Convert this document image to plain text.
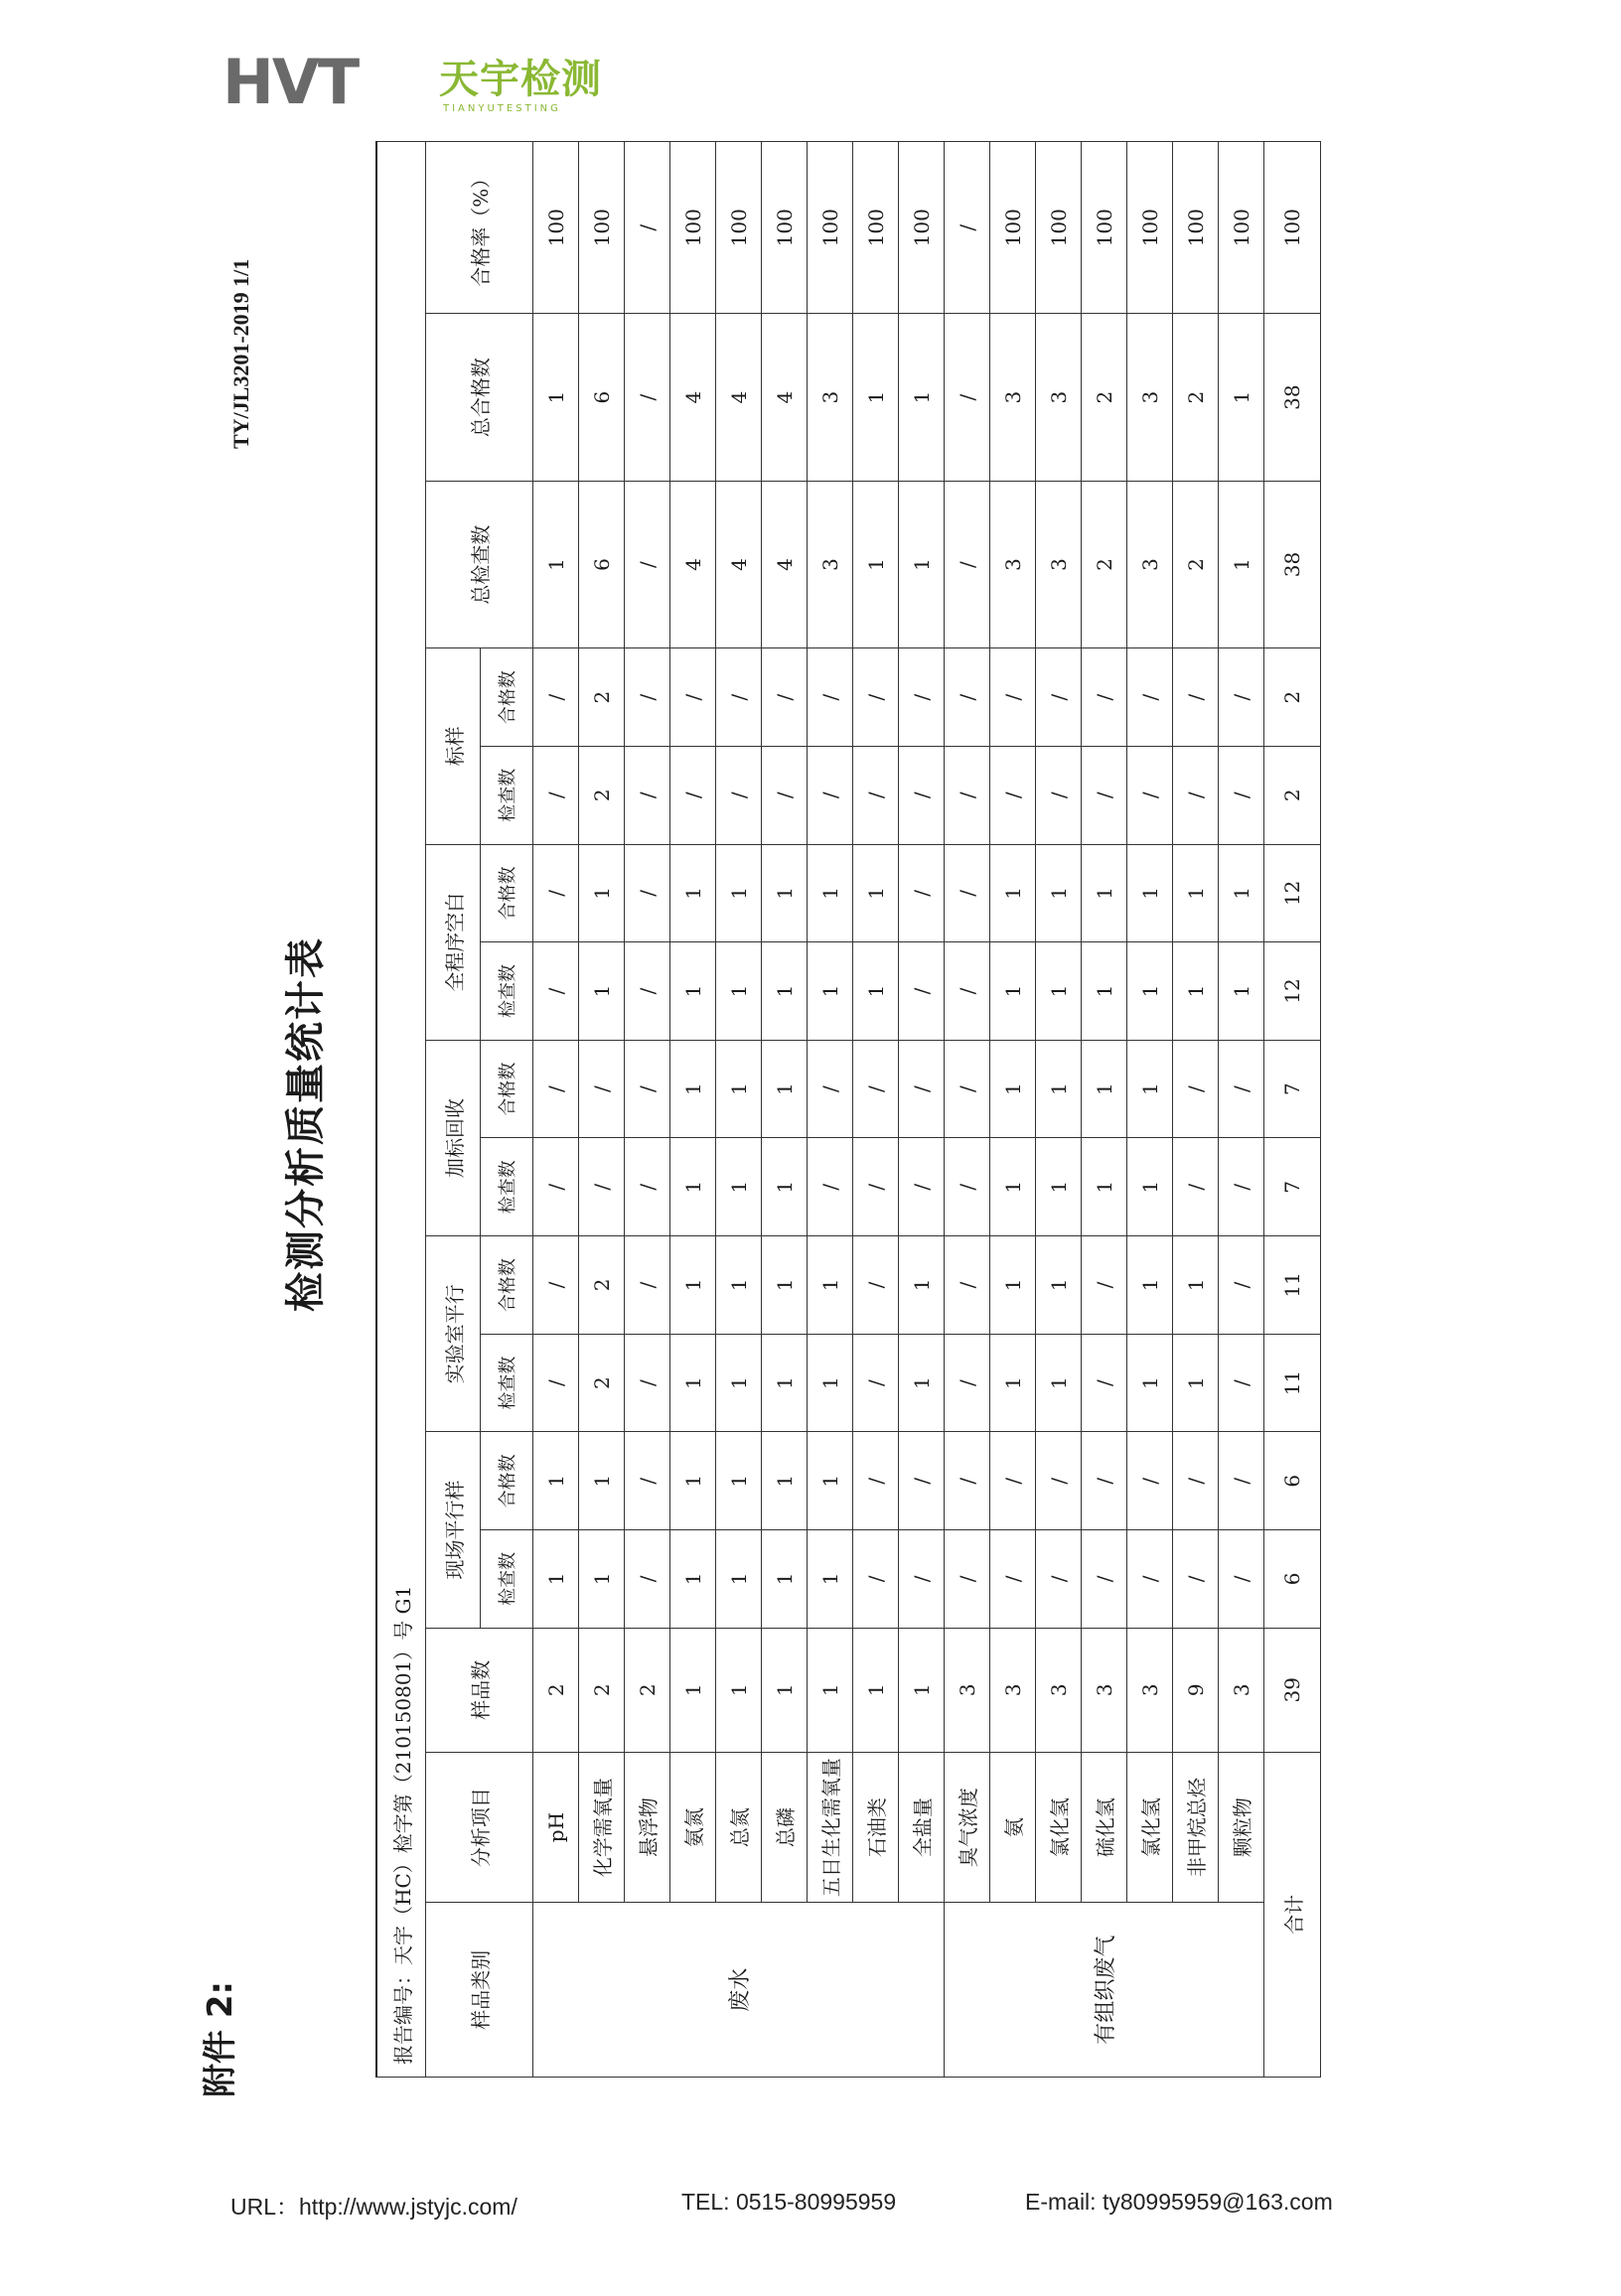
HVT 天宇检测
TIANYUTESTING
附件 2:
TY/JL3201-2019 1/1
检测分析质量统计表
报告编号：天宇（HC）检字第（210150801）号 G1															
样品类别	分析项目	样品数	现场平行样		实验室平行		加标回收		全程序空白		标样		总检查数	总合格数	合格率（%）
			检查数	合格数	检查数	合格数	检查数	合格数	检查数	合格数	检查数	合格数			
废水	pH	2	1	1	/	/	/	/	/	/	/	/	1	1	100
	化学需氧量	2	1	1	2	2	/	/	1	1	2	2	6	6	100
	悬浮物	2	/	/	/	/	/	/	/	/	/	/	/	/	/
	氨氮	1	1	1	1	1	1	1	1	1	/	/	4	4	100
	总氮	1	1	1	1	1	1	1	1	1	/	/	4	4	100
	总磷	1	1	1	1	1	1	1	1	1	/	/	4	4	100
	五日生化需氧量	1	1	1	1	1	/	/	1	1	/	/	3	3	100
	石油类	1	/	/	/	/	/	/	1	1	/	/	1	1	100
	全盐量	1	/	/	1	1	/	/	/	/	/	/	1	1	100
有组织废气	臭气浓度	3	/	/	/	/	/	/	/	/	/	/	/	/	/
	氨	3	/	/	1	1	1	1	1	1	/	/	3	3	100
	氯化氢	3	/	/	1	1	1	1	1	1	/	/	3	3	100
	硫化氢	3	/	/	/	/	1	1	1	1	/	/	2	2	100
	氯化氢	3	/	/	1	1	1	1	1	1	/	/	3	3	100
	非甲烷总烃	9	/	/	1	1	/	/	1	1	/	/	2	2	100
	颗粒物	3	/	/	/	/	/	/	1	1	/	/	1	1	100
合计		39	6	6	11	11	7	7	12	12	2	2	38	38	100
URL：http://www.jstyjc.com/	TEL: 0515-80995959	E-mail: ty80995959@163.com
